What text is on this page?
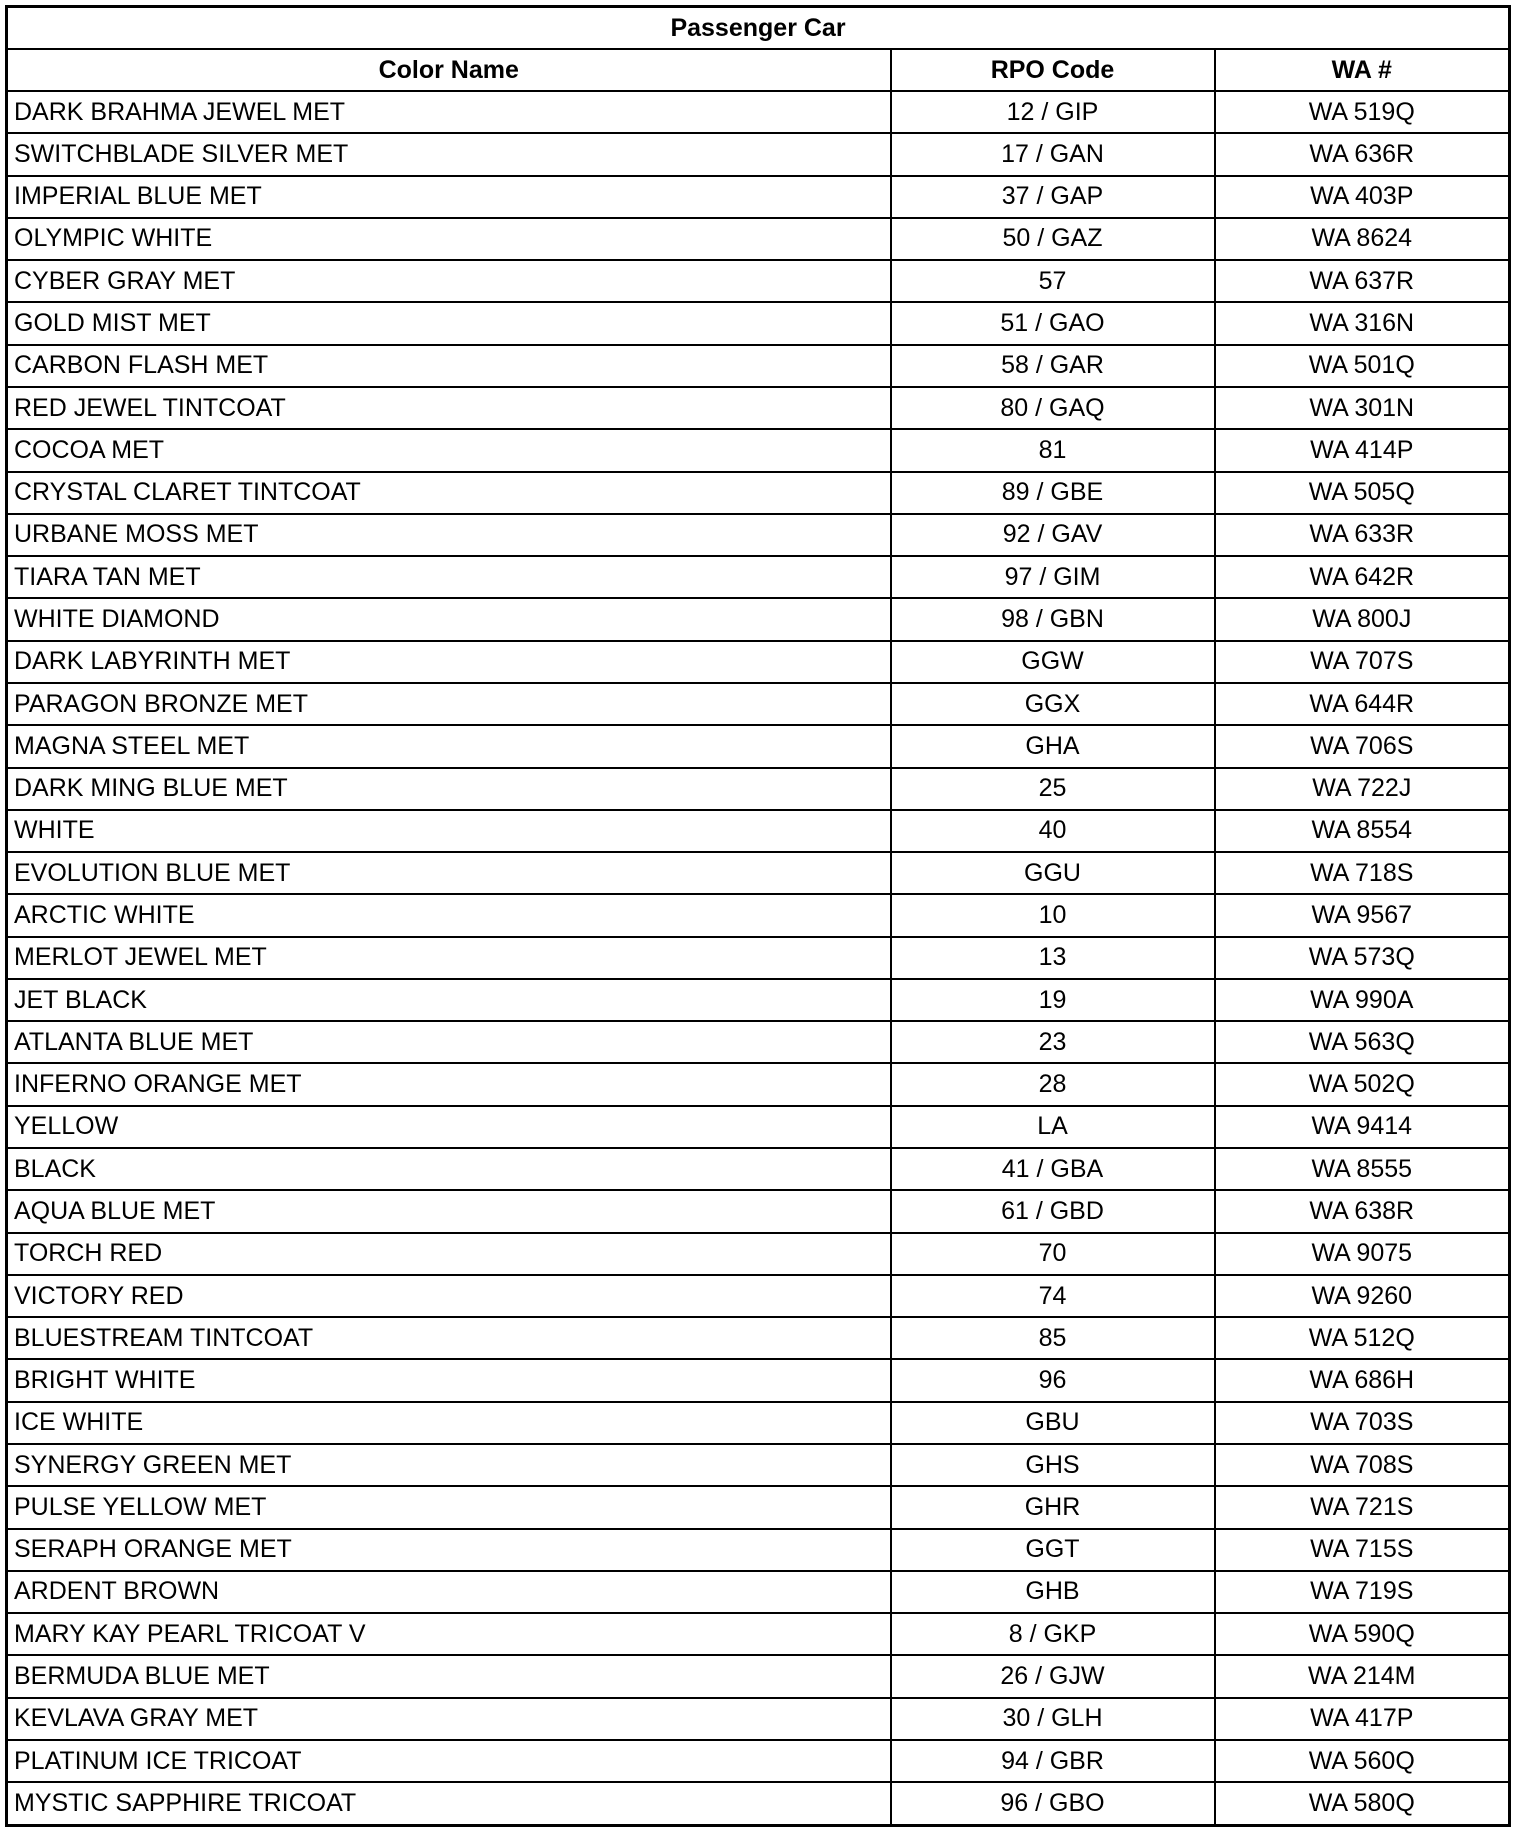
Passenger Car		
Color Name	RPO Code	WA #
DARK BRAHMA JEWEL MET	12 / GIP	WA 519Q
SWITCHBLADE SILVER MET	17 / GAN	WA 636R
IMPERIAL BLUE MET	37 / GAP	WA 403P
OLYMPIC WHITE	50 / GAZ	WA 8624
CYBER GRAY MET	57	WA 637R
GOLD MIST MET	51 / GAO	WA 316N
CARBON FLASH MET	58 / GAR	WA 501Q
RED JEWEL TINTCOAT	80 / GAQ	WA 301N
COCOA MET	81	WA 414P
CRYSTAL CLARET TINTCOAT	89 / GBE	WA 505Q
URBANE MOSS MET	92 / GAV	WA 633R
TIARA TAN MET	97 / GIM	WA 642R
WHITE DIAMOND	98 / GBN	WA 800J
DARK LABYRINTH MET	GGW	WA 707S
PARAGON BRONZE MET	GGX	WA 644R
MAGNA STEEL MET	GHA	WA 706S
DARK MING BLUE MET	25	WA 722J
WHITE	40	WA 8554
EVOLUTION BLUE MET	GGU	WA 718S
ARCTIC WHITE	10	WA 9567
MERLOT JEWEL MET	13	WA 573Q
JET BLACK	19	WA 990A
ATLANTA BLUE MET	23	WA 563Q
INFERNO ORANGE MET	28	WA 502Q
YELLOW	LA	WA 9414
BLACK	41 / GBA	WA 8555
AQUA BLUE MET	61 / GBD	WA 638R
TORCH RED	70	WA 9075
VICTORY RED	74	WA 9260
BLUESTREAM TINTCOAT	85	WA 512Q
BRIGHT WHITE	96	WA 686H
ICE WHITE	GBU	WA 703S
SYNERGY GREEN MET	GHS	WA 708S
PULSE YELLOW MET	GHR	WA 721S
SERAPH ORANGE MET	GGT	WA 715S
ARDENT BROWN	GHB	WA 719S
MARY KAY PEARL TRICOAT V	8 / GKP	WA 590Q
BERMUDA BLUE MET	26 / GJW	WA 214M
KEVLAVA GRAY MET	30 / GLH	WA 417P
PLATINUM ICE TRICOAT	94 / GBR	WA 560Q
MYSTIC SAPPHIRE TRICOAT	96 / GBO	WA 580Q
